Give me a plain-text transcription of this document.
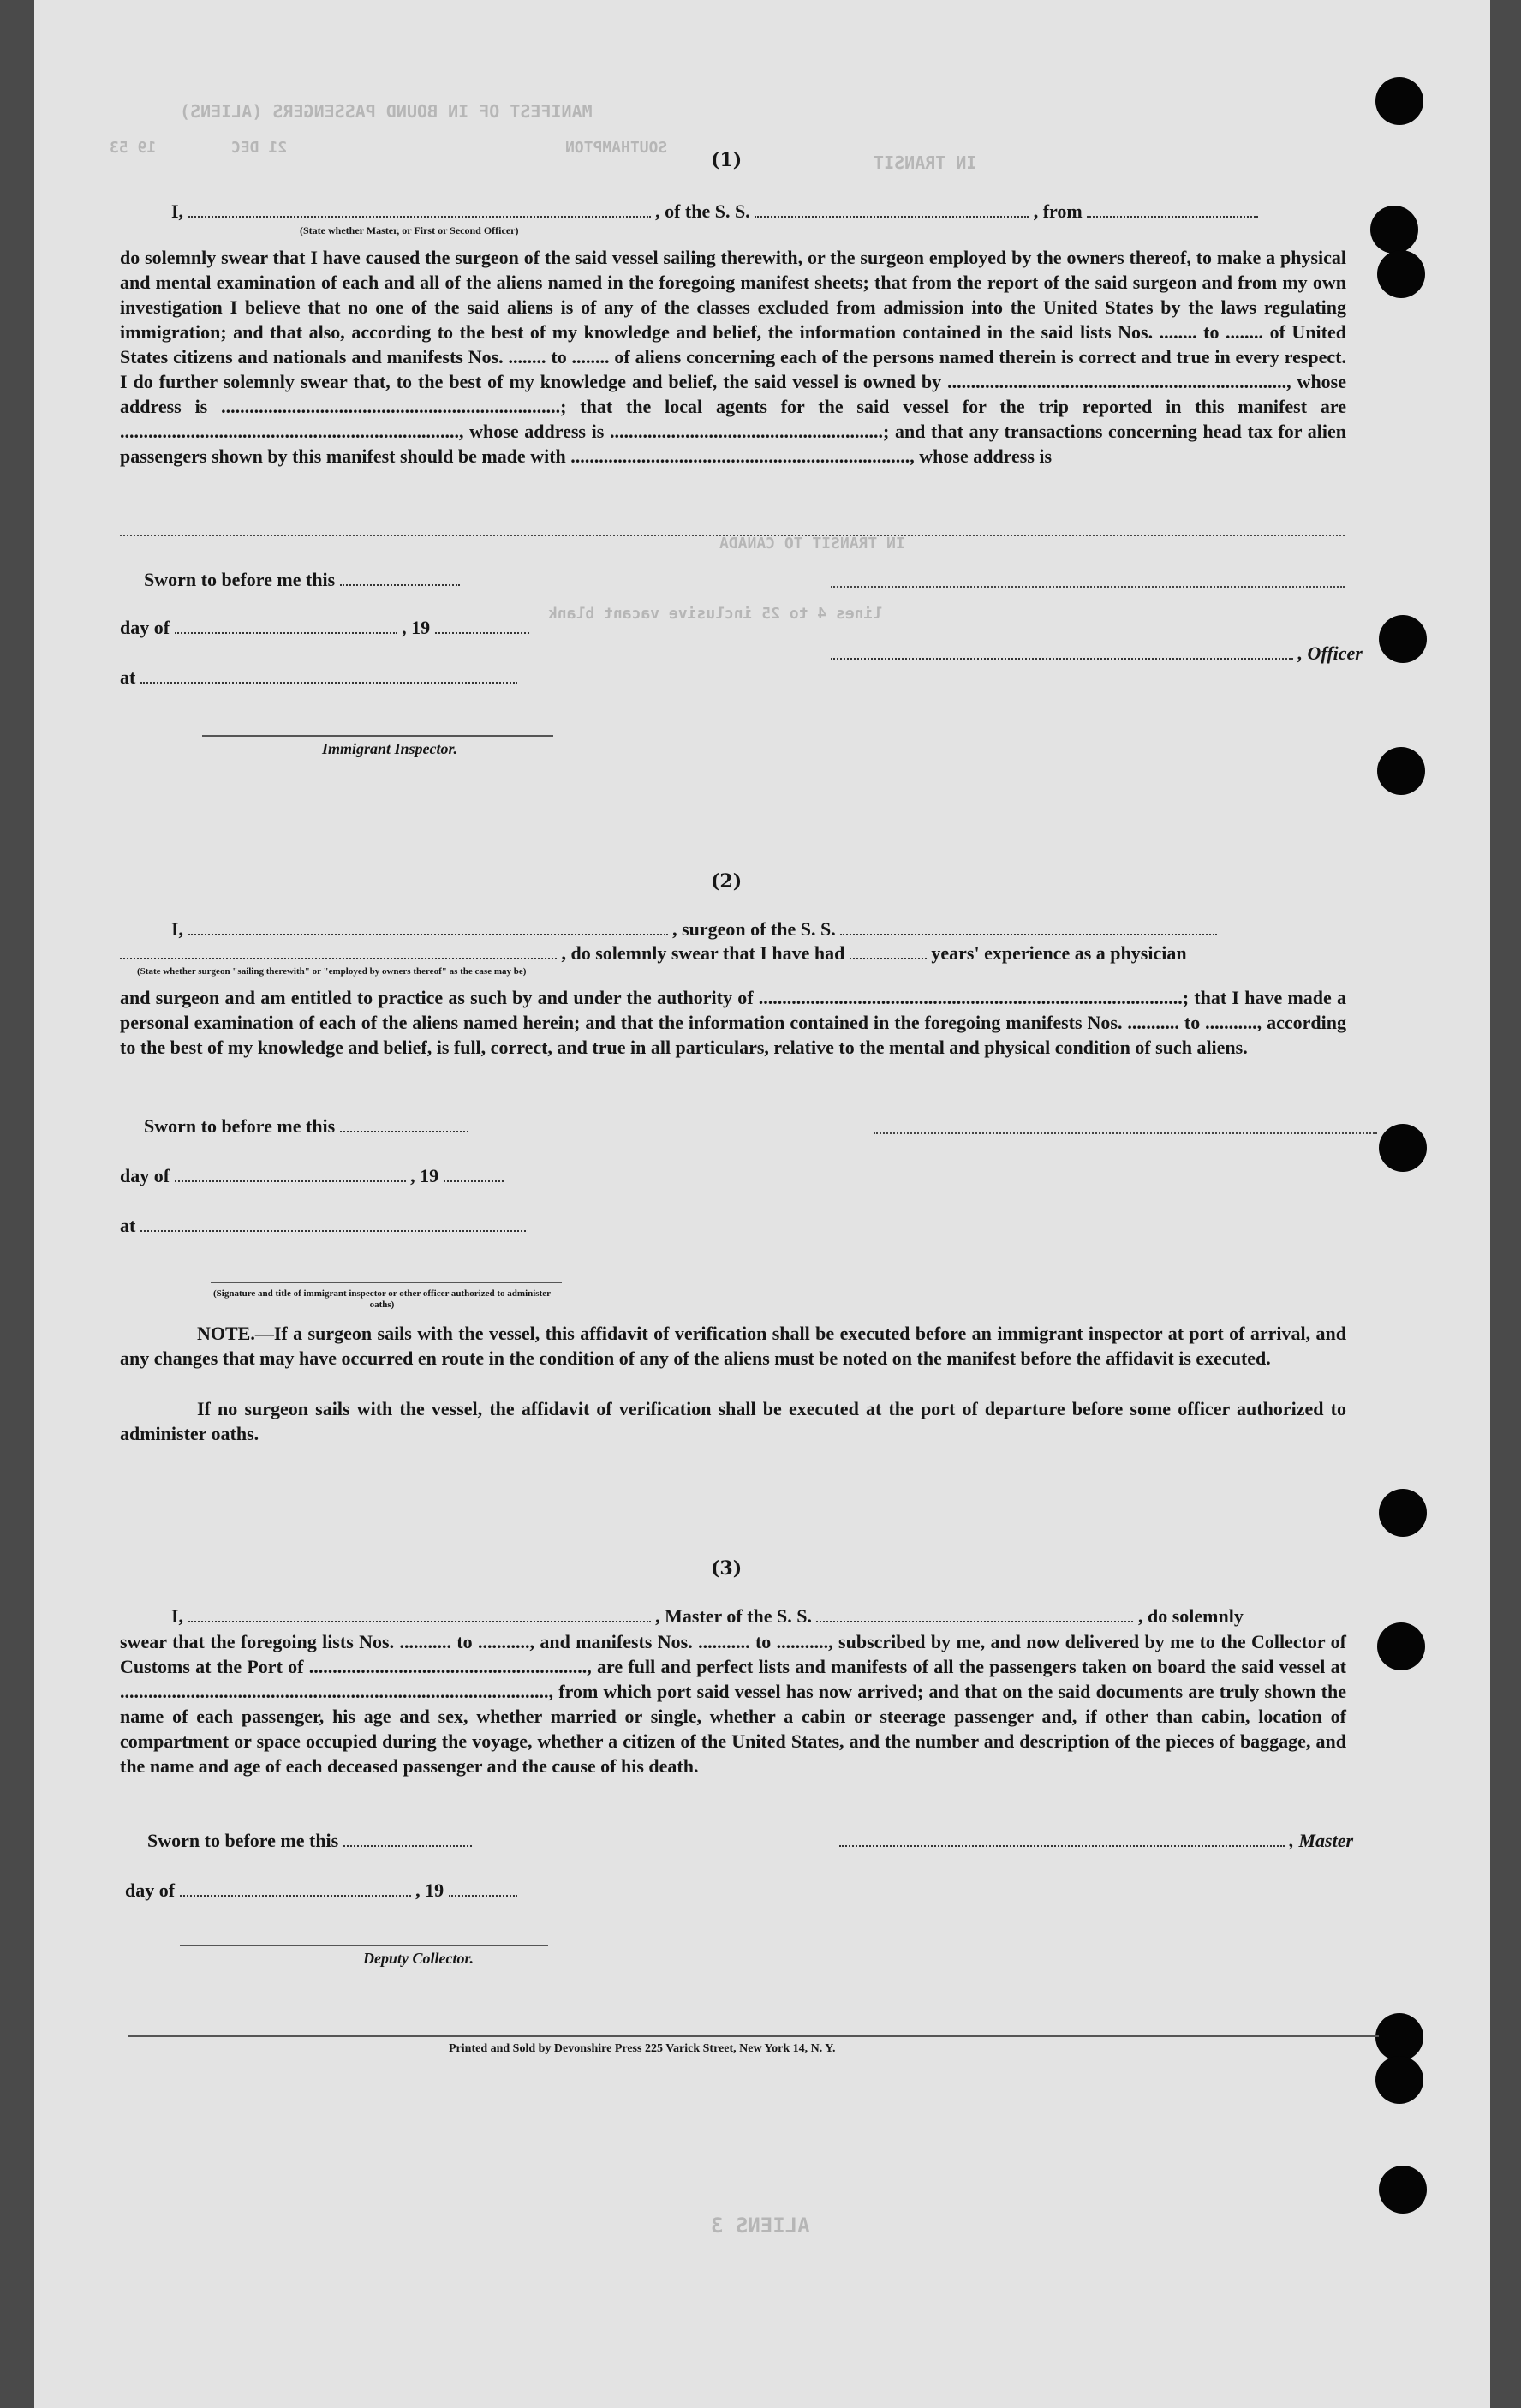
MANIFEST OF IN BOUND PASSENGERS (ALIENS)
SOUTHAMPTON
21 DEC
19 53
IN TRANSIT
IN TRANSIT TO CANADA
lines 4 to 25 inclusive vacant blank
ALIENS 3
(1)
I,	, of the S. S.	, from
(State whether Master, or First or Second Officer)
do solemnly swear that I have caused the surgeon of the said vessel sailing therewith, or the surgeon employed by the owners thereof, to make a physical and mental examination of each and all of the aliens named in the foregoing manifest sheets; that from the report of the said surgeon and from my own investigation I believe that no one of the said aliens is of any of the classes excluded from admission into the United States by the laws regulating immigration; and that also, according to the best of my knowledge and belief, the information contained in the said lists Nos. ........ to ........ of United States citizens and nationals and manifests Nos. ........ to ........ of aliens concerning each of the persons named therein is correct and true in every respect. I do further solemnly swear that, to the best of my knowledge and belief, the said vessel is owned by ........................................................................, whose address is ........................................................................; that the local agents for the said vessel for the trip reported in this manifest are ........................................................................, whose address is ..........................................................; and that any transactions concerning head tax for alien passengers shown by this manifest should be made with ........................................................................, whose address is
Sworn to before me this
day of	, 19
, Officer
at
Immigrant Inspector.
(2)
I,	, surgeon of the S. S.
, do solemnly swear that I have had	years' experience as a physician
(State whether surgeon "sailing therewith" or "employed by owners thereof" as the case may be)
and surgeon and am entitled to practice as such by and under the authority of ..........................................................................................; that I have made a personal examination of each of the aliens named herein; and that the information contained in the foregoing manifests Nos. ........... to ..........., according to the best of my knowledge and belief, is full, correct, and true in all particulars, relative to the mental and physical condition of such aliens.
Sworn to before me this
day of	, 19
at
(Signature and title of immigrant inspector or other officer authorized to administer oaths)
NOTE.—If a surgeon sails with the vessel, this affidavit of verification shall be executed before an immigrant inspector at port of arrival, and any changes that may have occurred en route in the condition of any of the aliens must be noted on the manifest before the affidavit is executed.
If no surgeon sails with the vessel, the affidavit of verification shall be executed at the port of departure before some officer authorized to administer oaths.
(3)
I,	, Master of the S. S.	, do solemnly
swear that the foregoing lists Nos. ........... to ..........., and manifests Nos. ........... to ..........., subscribed by me, and now delivered by me to the Collector of Customs at the Port of ..........................................................., are full and perfect lists and manifests of all the passengers taken on board the said vessel at ..........................................................................................., from which port said vessel has now arrived; and that on the said documents are truly shown the name of each passenger, his age and sex, whether married or single, whether a cabin or steerage passenger and, if other than cabin, location of compartment or space occupied during the voyage, whether a citizen of the United States, and the number and description of the pieces of baggage, and the name and age of each deceased passenger and the cause of his death.
Sworn to before me this	, Master
day of	, 19
Deputy Collector.
Printed and Sold by Devonshire Press 225 Varick Street, New York 14, N. Y.
